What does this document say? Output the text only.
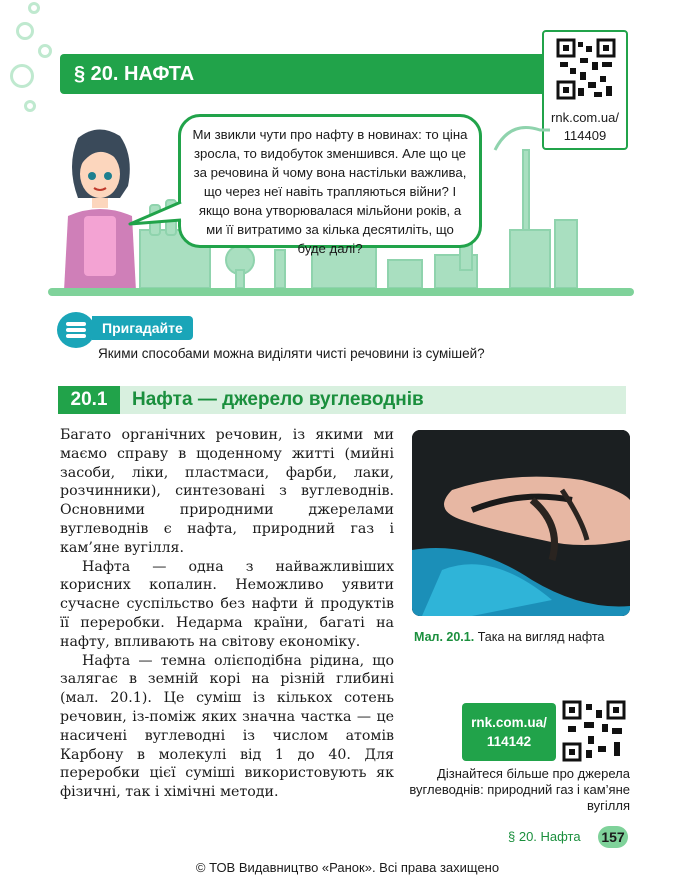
§ 20. НАФТА
rnk.com.ua/
114409
Ми звикли чути про нафту в новинах: то ціна зросла, то видобуток зменшився. Але що це за речовина й чому вона настільки важлива, що через неї навіть трапляються війни? І якщо вона утворювалася мільйони років, а ми її витратимо за кілька десятиліть, що буде далі?
Пригадайте
Якими способами можна виділяти чисті речовини із сумішей?
20.1	Нафта — джерело вуглеводнів

Багато органічних речовин, із якими ми маємо справу в щоденному житті (мийні засоби, ліки, пластмаси, фарби, лаки, розчинники), синтезовані з вуглеводнів. Основними природними джерелами вуглеводнів є нафта, природний газ і кам’яне вугілля.

Нафта — одна з найважливіших корисних копалин. Неможливо уявити сучасне суспільство без нафти й продуктів її переробки. Недарма країни, багаті на нафту, впливають на світову економіку.

Нафта — темна олієподібна рідина, що залягає в земній корі на різній глибині (мал. 20.1). Це суміш із кількох сотень речовин, із-поміж яких значна частка — це насичені вуглеводні із числом атомів Карбону в молекулі від 1 до 40. Для переробки цієї суміші використовують як фізичні, так і хімічні методи.

Мал. 20.1. Така на вигляд нафта
rnk.com.ua/
114142
Дізнайтеся більше про джерела вуглеводнів: природний газ і кам’яне вугілля
§ 20. Нафта 157
© ТОВ Видавництво «Ранок». Всі права захищено
